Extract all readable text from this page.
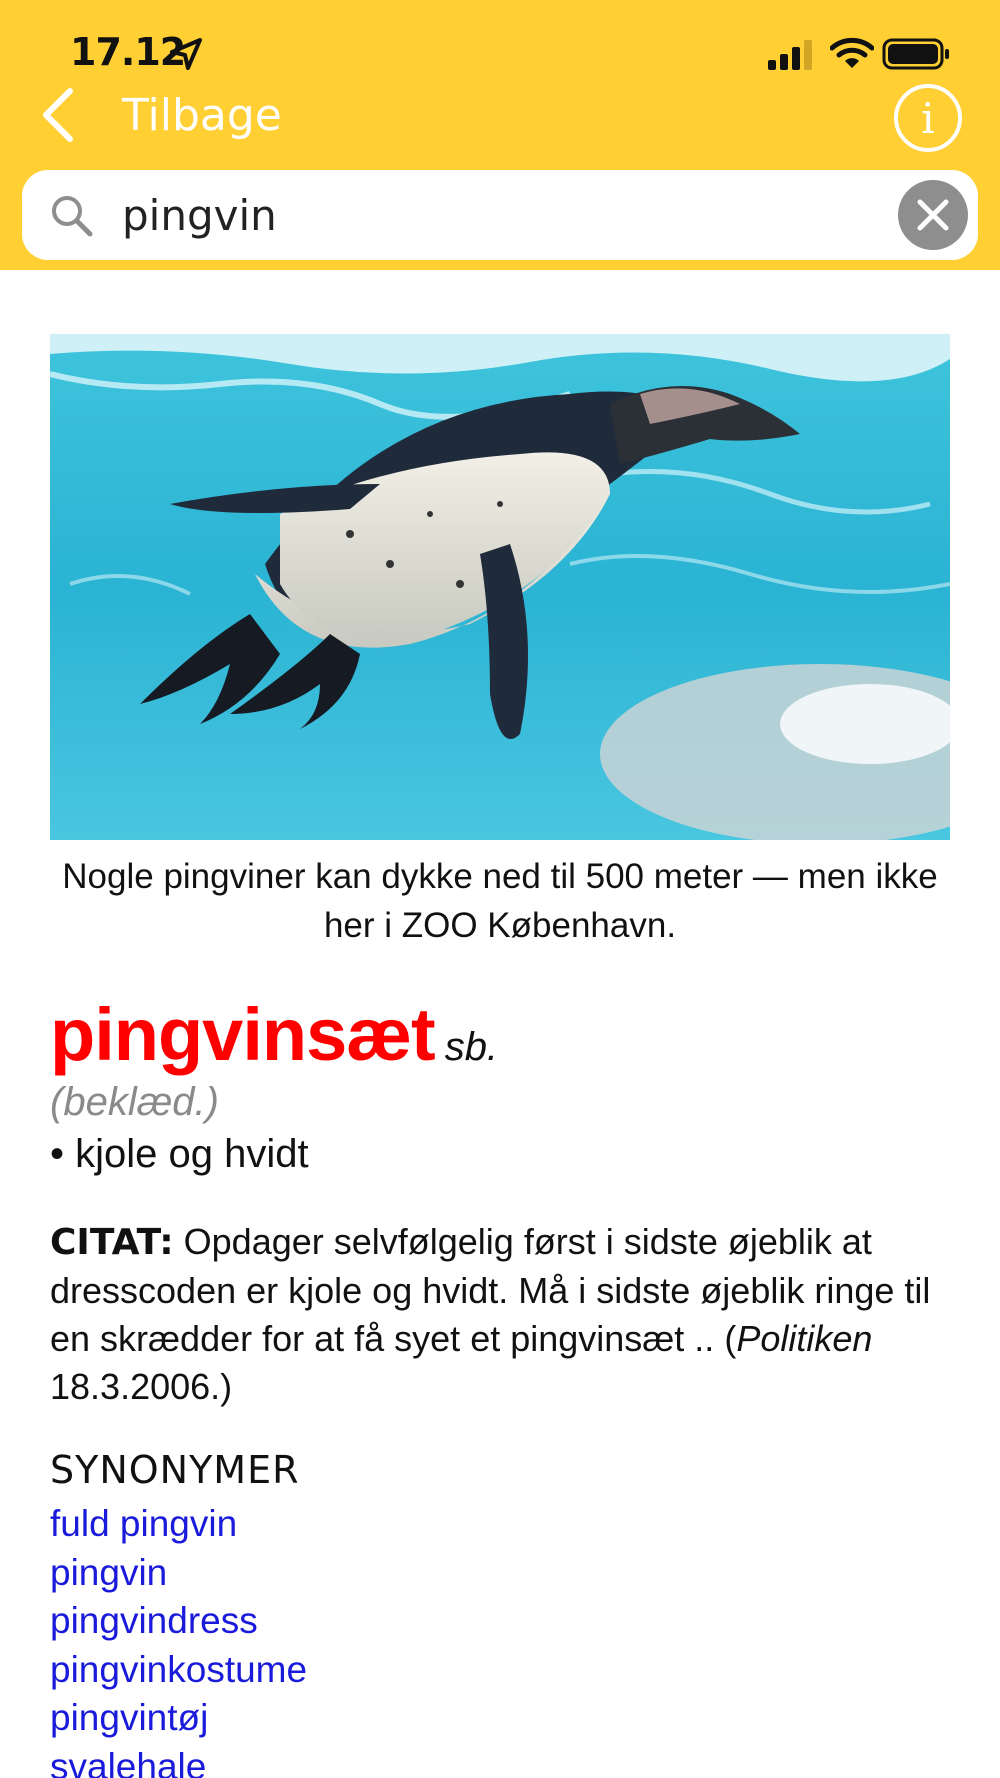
17.12
Tilbage	i
pingvin
Nogle pingviner kan dykke ned til 500 meter — men ikke her i ZOO København.
pingvinsæt sb.
(beklæd.)
• kjole og hvidt
CITAT: Opdager selvfølgelig først i sidste øjeblik at dresscoden er kjole og hvidt. Må i sidste øjeblik ringe til en skrædder for at få syet et pingvinsæt .. (Politiken 18.3.2006.)
SYNONYMER
fuld pingvin
pingvin
pingvindress
pingvinkostume
pingvintøj
svalehale
